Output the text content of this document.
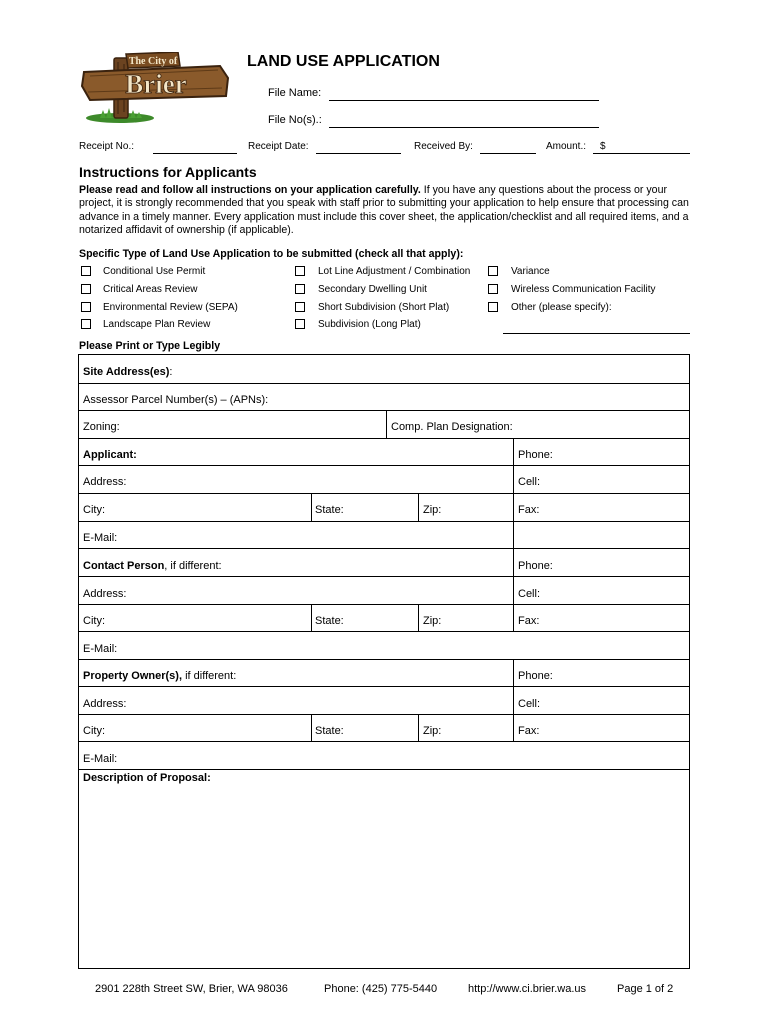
The City of
Brier
LAND USE APPLICATION
File Name:
File No(s).:
Receipt No.:	Receipt Date:	Received By:	Amount.: $
Instructions for Applicants
Please read and follow all instructions on your application carefully. If you have any questions about the process or your project, it is strongly recommended that you speak with staff prior to submitting your application to help ensure that processing can advance in a timely manner. Every application must include this cover sheet, the application/checklist and all required items, and a notarized affidavit of ownership (if applicable).
Specific Type of Land Use Application to be submitted (check all that apply):
Conditional Use Permit
Critical Areas Review
Environmental Review (SEPA)
Landscape Plan Review
Lot Line Adjustment / Combination
Secondary Dwelling Unit
Short Subdivision (Short Plat)
Subdivision (Long Plat)
Variance
Wireless Communication Facility
Other (please specify):
Please Print or Type Legibly
Site Address(es):
Assessor Parcel Number(s) – (APNs):
Zoning:	Comp. Plan Designation:
Applicant:	Phone:
Address:	Cell:
City:	State:	Zip:	Fax:
E-Mail:
Contact Person, if different:	Phone:
Address:	Cell:
City:	State:	Zip:	Fax:
E-Mail:
Property Owner(s), if different:	Phone:
Address:	Cell:
City:	State:	Zip:	Fax:
E-Mail:
Description of Proposal:
2901 228th Street SW, Brier, WA 98036	Phone: (425) 775-5440	http://www.ci.brier.wa.us	Page 1 of 2
